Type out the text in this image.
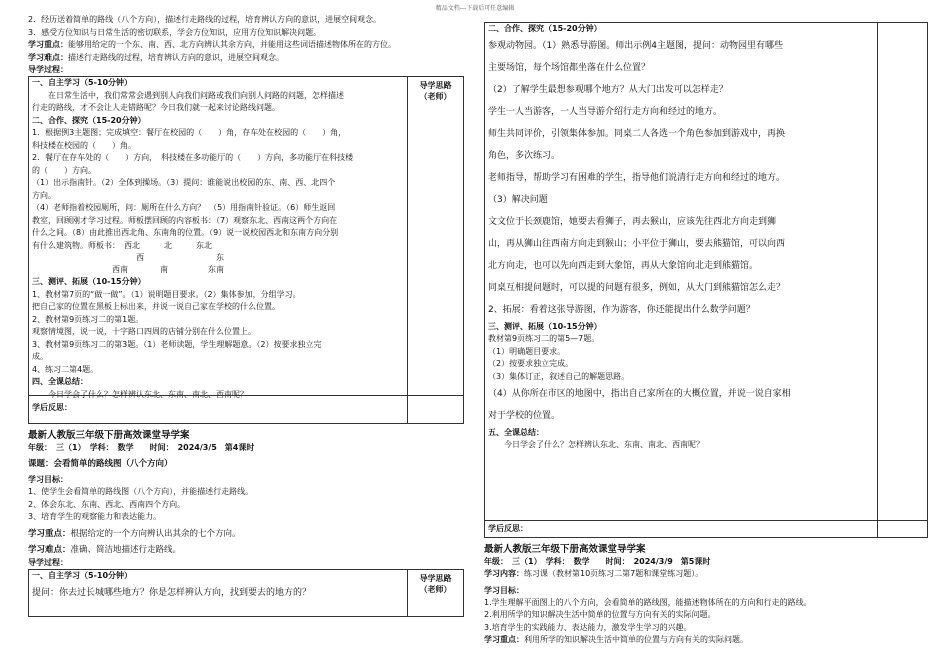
精品文档---下载后可任意编辑

2．经历送着简单的路线（八个方向），描述行走路线的过程，培育辨认方向的意识，进展空间观念。

3．感受方位知识与日常生活的密切联系，学会方位知识，应用方位知识解决问题。

学习重点：能够用给定的一个东、南、西、北方向辨认其余方向，并能用这些词语描述物体所在的方位。

学习难点：描述行走路线的过程，培育辨认方向的意识，进展空间观念。

导学过程：

导学思路
（老师）

一、自主学习（5-10分钟）

　　在日常生活中，我们常常会遇到别人向我们问路或我们向别人问路的问题，怎样描述

行走的路线，才不会让人走错路呢？今日我们就一起来讨论路线问题。

二、合作、探究（15-20分钟）

1．根据例3主题图；完成填空：餐厅在校园的（　　）角，存车处在校园的（　　）角，

科技楼在校园的（　　）角。

2．餐厅在存车处的（　　）方向，　科技楼在多功能厅的（　　）方向，多功能厅在科技楼

的（　　）方向。

（1）出示指南针。（2）全体到操场。（3）提问：谁能说出校园的东、南、西、北四个

方向。

（4）老师指着校园厕所，问：厕所在什么方向？　（5）用指南针验证。（6）师生返回

教室，回顾刚才学习过程。师板摆回顾的内容板书：（7）观察东北、西南这两个方向在

什么之间。（8）由此推出西北角、东南角的位置。（9）说一说校园西北和东南方向分别

有什么建筑物。师板书：　西北　　　北　　　东北

　　　　　　　　　　　　　西　　　　　　　　　东

　　　　　　　　　　西南　　　　南　　　　　东南

三、测评、拓展（10-15分钟）

1、教材第7页的“做一做”。（1）说明题目要求。（2）集体参加，分组学习。

把自己家的位置在黑板上标出来，并说一说自己家在学校的什么位置。

2、教材第9页练习二的第1题。

观察情境图，说一说，十字路口四周的店铺分别在什么位置上。

3、教材第9页练习二的第3题。（1）老师读题，学生理解题意。（2）按要求独立完

成。

4、练习二第4题。

四、全课总结：

　　今日学会了什么？怎样辨认东北、东南、南北、西南呢？

学后反思：

最新人教版三年级下册高效课堂导学案

年级：　三（1）　学科：　数学　　时间：　2024/3/5　第4课时

课题：会看简单的路线图（八个方向）

学习目标：

1、使学生会看简单的路线图（八个方向），并能描述行走路线。

2、体会东北、东南、西北、西南四个方向。

3、培育学生的观察能力和表达能力。

学习重点：根据给定的一个方向辨认出其余的七个方向。

学习难点：准确、简洁地描述行走路线。

导学过程：

导学思路
（老师）

一、自主学习（5-10分钟）

提问：你去过长城哪些地方？你是怎样辨认方向，找到要去的地方的？

二、合作、探究（15-20分钟）

参观动物园。（1）熟悉导游图。师出示例4主题图，提问：动物园里有哪些

主要场馆，每个场馆都坐落在什么位置？

（2）了解学生最想参观哪个地方？从大门出发可以怎样走？

学生一人当游客，一人当导游介绍行走方向和经过的地方。

师生共同评价，引领集体参加。同桌二人各选一个角色参加到游戏中，再换

角色，多次练习。

老师指导，帮助学习有困难的学生，指导他们说清行走方向和经过的地方。

（3）解决问题

文文位于长颈鹿馆，她要去看狮子，再去猴山，应该先往西北方向走到狮

山，再从狮山往西南方向走到猴山；小平位于狮山，要去熊猫馆，可以向西

北方向走，也可以先向西走到大象馆，再从大象馆向北走到熊猫馆。

同桌互相提问题时，可以提的问题有很多，例如，从大门到熊猫馆怎么走？

2、拓展：看着这张导游图，作为游客，你还能提出什么数学问题？

三、测评、拓展（10-15分钟）

教材第9页练习二的第5—7题。

（1）明确题目要求。

（2）按要求独立完成。

（3）集体订正，叙述自己的解题思路。

（4）从你所在市区的地图中，指出自己家所在的大概位置，并说一说自家相

对于学校的位置。

五、全课总结：

　　今日学会了什么？怎样辨认东北、东南、南北、西南呢？

学后反思：

最新人教版三年级下册高效课堂导学案

年级：　三（1）　学科：　数学　　时间：　2024/3/9　第5课时

学习内容：练习课（教材第10页练习二第7题和课堂练习题）。

学习目标：

1.学生理解平面图上的八个方向，会看简单的路线图，能描述物体所在的方向和行走的路线。

2.利用所学的知识解决生活中简单的位置与方向有关的实际问题。

3.培育学生的实践能力、表达能力，激发学生学习的兴趣。

学习重点：利用所学的知识解决生活中简单的位置与方向有关的实际问题。
